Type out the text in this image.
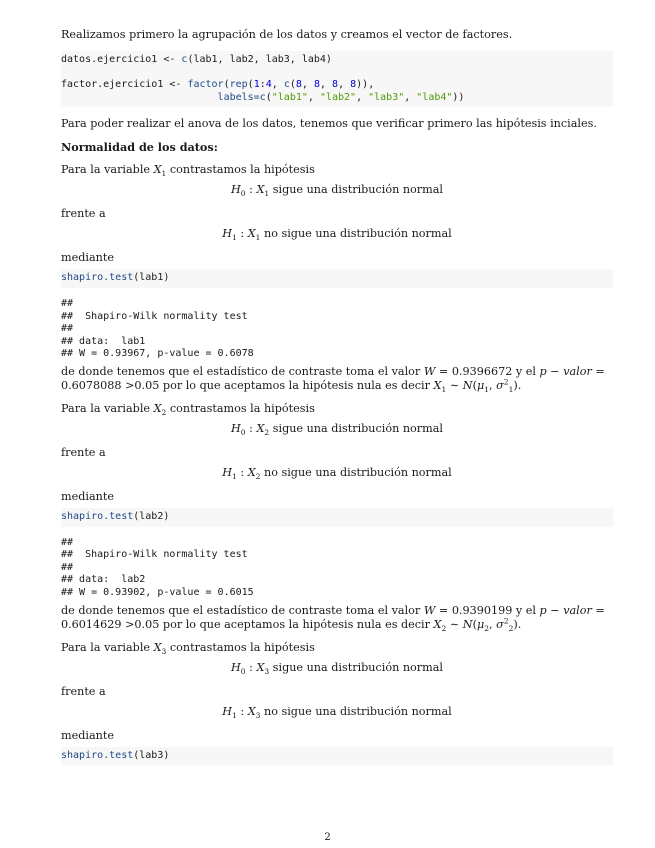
Realizamos primero la agrupación de los datos y creamos el vector de factores.

datos.ejercicio1 <- c(lab1, lab2, lab3, lab4)

factor.ejercicio1 <- factor(rep(1:4, c(8, 8, 8, 8)),
labels=c("lab1", "lab2", "lab3", "lab4"))

Para poder realizar el anova de los datos, tenemos que verificar primero las hipótesis inciales.

Normalidad de los datos:

Para la variable $X_1$ contrastamos la hipótesis

$H_0$ : $X_1$ sigue una distribución normal

frente a

$H_1$ : $X_1$ no sigue una distribución normal

mediante

shapiro.test(lab1)
##
##  Shapiro-Wilk normality test
##
## data:  lab1
## W = 0.93967, p-value = 0.6078

de donde tenemos que el estadístico de contraste toma el valor W = 0.9396672 y el p − valor = 0.6078088 >0.05 por lo que aceptamos la hipótesis nula es decir $X_1$ ∼ $N(\mu_1$, $\sigma^2_1$).

Para la variable $X_2$ contrastamos la hipótesis

$H_0$ : $X_2$ sigue una distribución normal

frente a

$H_1$ : $X_2$ no sigue una distribución normal

mediante

shapiro.test(lab2)
##
##  Shapiro-Wilk normality test
##
## data:  lab2
## W = 0.93902, p-value = 0.6015

de donde tenemos que el estadístico de contraste toma el valor W = 0.9390199 y el p − valor = 0.6014629 >0.05 por lo que aceptamos la hipótesis nula es decir $X_2$ ∼ $N(\mu_2$, $\sigma^2_2$).

Para la variable $X_3$ contrastamos la hipótesis

$H_0$ : $X_3$ sigue una distribución normal

frente a

$H_1$ : $X_3$ no sigue una distribución normal

mediante

shapiro.test(lab3)
2
